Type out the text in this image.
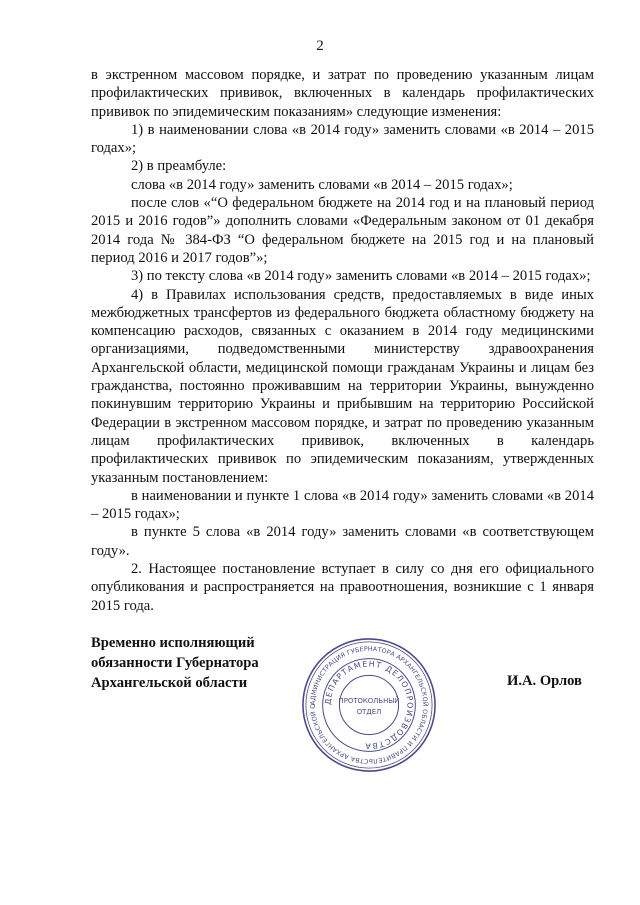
2

в экстренном массовом порядке, и затрат по проведению указанным лицам профилактических прививок, включенных в календарь профилактических прививок по эпидемическим показаниям» следующие изменения:

1) в наименовании слова «в 2014 году» заменить словами «в 2014 – 2015 годах»;

2) в преамбуле:

слова «в 2014 году» заменить словами «в 2014 – 2015 годах»;

после слов «“О федеральном бюджете на 2014 год и на плановый период 2015 и 2016 годов”» дополнить словами «Федеральным законом от 01 декабря 2014 года № 384-ФЗ “О федеральном бюджете на 2015 год и на плановый период 2016 и 2017 годов”»;

3) по тексту слова «в 2014 году» заменить словами «в 2014 – 2015 годах»;

4) в Правилах использования средств, предоставляемых в виде иных межбюджетных трансфертов из федерального бюджета областному бюджету на компенсацию расходов, связанных с оказанием в 2014 году медицинскими организациями, подведомственными министерству здравоохранения Архангельской области, медицинской помощи гражданам Украины и лицам без гражданства, постоянно проживавшим на территории Украины, вынужденно покинувшим территорию Украины и прибывшим на территорию Российской Федерации в экстренном массовом порядке, и затрат по проведению указанным лицам профилактических прививок, включенных в календарь профилактических прививок по эпидемическим показаниям, утвержденных указанным постановлением:

в наименовании и пункте 1 слова «в 2014 году» заменить словами «в 2014 – 2015 годах»;

в пункте 5 слова «в 2014 году» заменить словами «в соответствующем году».

2. Настоящее постановление вступает в силу со дня его официального опубликования и распространяется на правоотношения, возникшие с 1 января 2015 года.

Временно исполняющий
обязанности Губернатора
Архангельской области
АДМИНИСТРАЦИЯ ГУБЕРНАТОРА АРХАНГЕЛЬСКОЙ ОБЛАСТИ И ПРАВИТЕЛЬСТВА АРХАНГЕЛЬСКОЙ О
ДЕПАРТАМЕНТ ДЕЛОПРОИЗВОДСТВА
ПРОТОКОЛЬНЫЙ
ОТДЕЛ
И.А. Орлов
